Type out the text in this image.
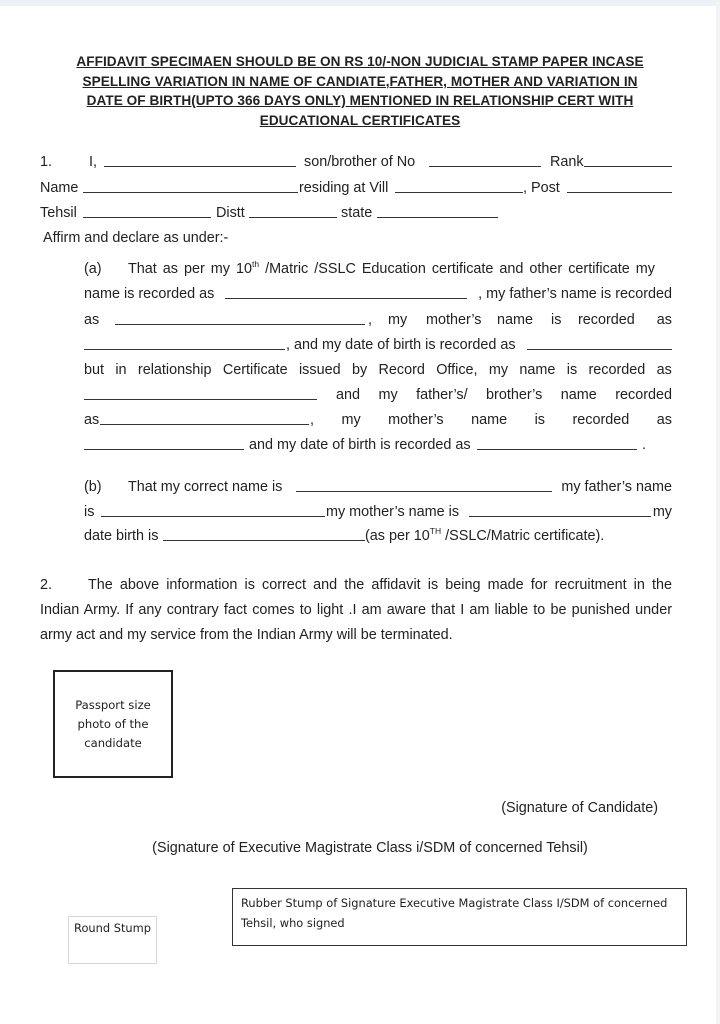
AFFIDAVIT SPECIMAEN SHOULD BE ON RS 10/-NON JUDICIAL STAMP PAPER INCASE
SPELLING VARIATION IN NAME OF CANDIATE,FATHER, MOTHER AND VARIATION IN
DATE OF BIRTH(UPTO 366 DAYS ONLY) MENTIONED IN RELATIONSHIP CERT WITH
EDUCATIONAL CERTIFICATES
1.	I,	son/brother of No	Rank
Name	residing at Vill	, Post
Tehsil	Distt	state
Affirm and declare as under:-
(a) That as per my 10th /Matric /SSLC Education certificate and other certificate my
name is recorded as	, my father’s name is recorded
as	, my mother’s name is recorded as
, and my date of birth is recorded as
but in relationship Certificate issued by Record Office, my name is recorded as
and my father’s/ brother’s name recorded
as	, my mother’s name is recorded as
and my date of birth is recorded as	.
(b) That my correct name is	my father’s name
is	my mother’s name is	my
date birth is	(as per 10TH /SSLC/Matric certificate).
2. The above information is correct and the affidavit is being made for recruitment in the
Indian Army. If any contrary fact comes to light .I am aware that I am liable to be punished under
army act and my service from the Indian Army will be terminated.
Passport size
photo of the
candidate
(Signature of Candidate)
(Signature of Executive Magistrate Class i/SDM of concerned Tehsil)
Round Stump
Rubber Stump of Signature Executive Magistrate Class I/SDM of concerned
Tehsil, who signed
